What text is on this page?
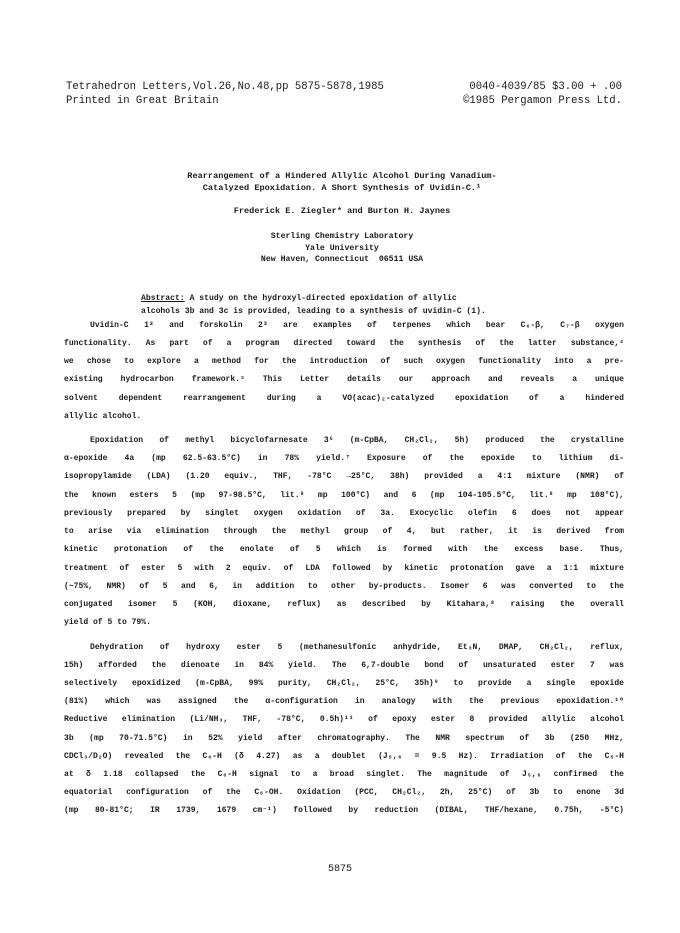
Tetrahedron Letters,Vol.26,No.48,pp 5875-5878,1985	0040-4039/85 $3.00 + .00
Printed in Great Britain	©1985 Pergamon Press Ltd.
Rearrangement of a Hindered Allylic Alcohol During Vanadium-
Catalyzed Epoxidation. A Short Synthesis of Uvidin-C.¹
Frederick E. Ziegler* and Burton H. Jaynes
Sterling Chemistry Laboratory
Yale University
New Haven, Connecticut  06511 USA
Abstract: A study on the hydroxyl-directed epoxidation of allylic
alcohols 3b and 3c is provided, leading to a synthesis of uvidin-C (1).
Uvidin-C 1² and forskolin 2³ are examples of terpenes which bear C₆-β, C₇-β oxygen
functionality. As part of a program directed toward the synthesis of the latter substance,⁴
we chose to explore a method for the introduction of such oxygen functionality into a pre-
existing hydrocarbon framework.⁵ This Letter details our approach and reveals a unique
solvent dependent rearrangement during a VO(acac)₂-catalyzed epoxidation of a hindered
allylic alcohol.
Epoxidation of methyl bicyclofarnesate 3⁶ (m-CpBA, CH₂Cl₂, 5h) produced the crystalline
α-epoxide 4a (mp 62.5-63.5°C) in 78% yield.⁷ Exposure of the epoxide to lithium di-
isopropylamide (LDA) (1.20 equiv., THF, -78°C →25°C, 38h) provided a 4:1 mixture (NMR) of
the known esters 5 (mp 97-98.5°C, lit.⁸ mp 100°C) and 6 (mp 104-105.5°C, lit.⁸ mp 108°C),
previously prepared by singlet oxygen oxidation of 3a. Exocyclic olefin 6 does not appear
to arise via elimination through the methyl group of 4, but rather, it is derived from
kinetic protonation of the enolate of 5 which is formed with the excess base. Thus,
treatment of ester 5 with 2 equiv. of LDA followed by kinetic protonation gave a 1:1 mixture
(~75%, NMR) of 5 and 6, in addition to other by-products. Isomer 6 was converted to the
conjugated isomer 5 (KOH, dioxane, reflux) as described by Kitahara,⁸ raising the overall
yield of 5 to 79%.
Dehydration of hydroxy ester 5 (methanesulfonic anhydride, Et₃N, DMAP, CH₂Cl₂, reflux,
15h) afforded the dienoate in 84% yield. The 6,7-double bond of unsaturated ester 7 was
selectively epoxidized (m-CpBA, 99% purity, CH₂Cl₂, 25°C, 35h)⁹ to provide a single epoxide
(81%) which was assigned the α-configuration in analogy with the previous epoxidation.¹⁰
Reductive elimination (Li/NH₃, THF, -78°C, 0.5h)¹¹ of epoxy ester 8 provided allylic alcohol
3b (mp 70-71.5°C) in 52% yield after chromatography. The NMR spectrum of 3b (250 MHz,
CDCl₃/D₂O) revealed the C₆-H (δ 4.27) as a doublet (J₅,₆ = 9.5 Hz). Irradiation of the C₅-H
at δ 1.18 collapsed the C₆-H signal to a broad singlet. The magnitude of J₅,₆ confirmed the
equatorial configuration of the C₆-OH. Oxidation (PCC, CH₂Cl₂, 2h, 25°C) of 3b to enone 3d
(mp 80-81°C; IR 1739, 1679 cm⁻¹) followed by reduction (DIBAL, THF/hexane, 0.75h, -5°C)
5875
